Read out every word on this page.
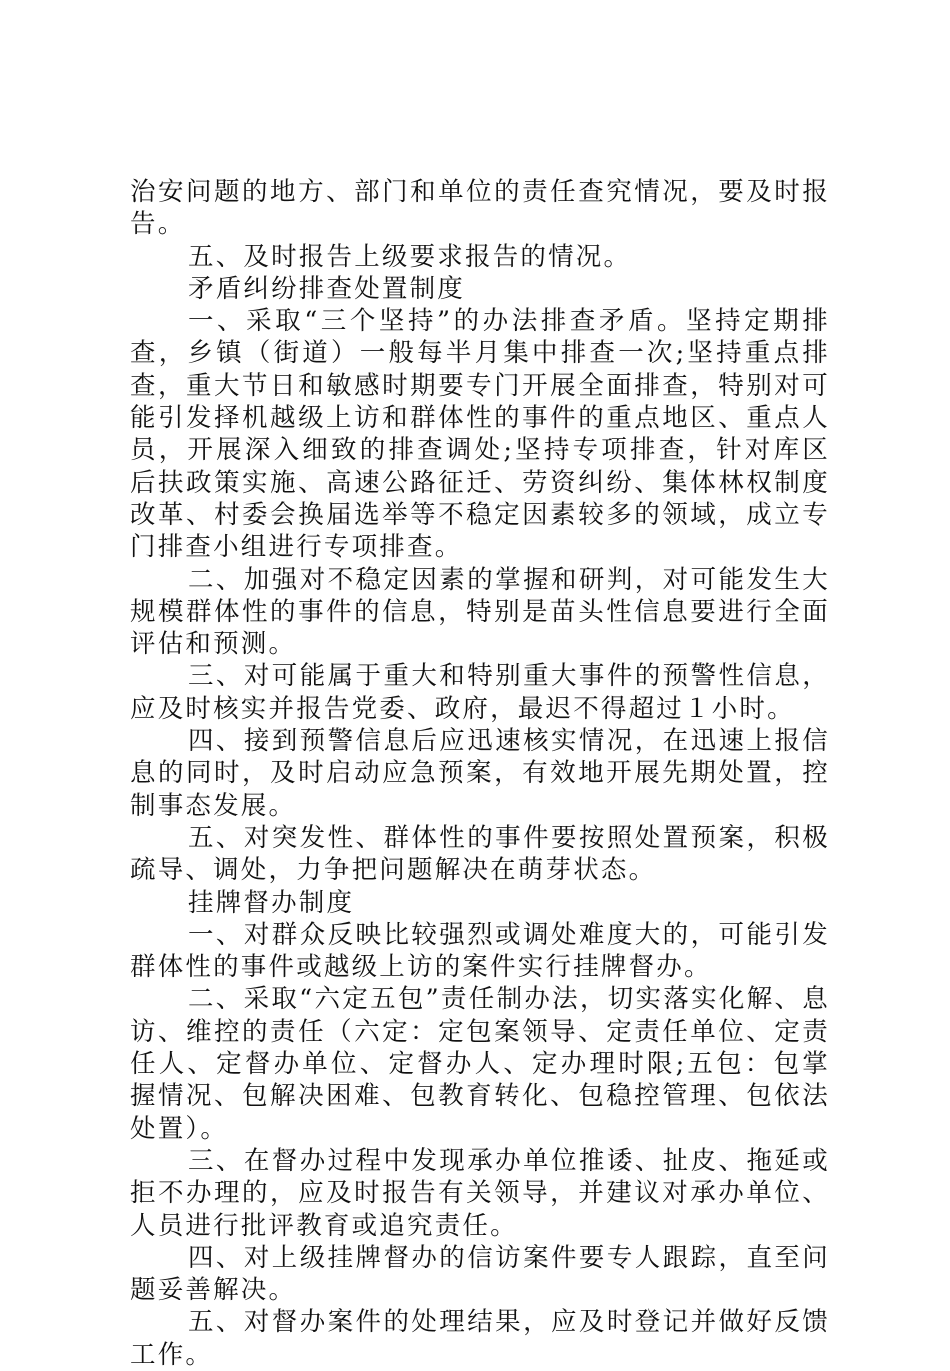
治安问题的地方、部门和单位的责任查究情况，要及时报告。

五、及时报告上级要求报告的情况。

矛盾纠纷排查处置制度

一、采取“三个坚持”的办法排查矛盾。坚持定期排查，乡镇（街道）一般每半月集中排查一次;坚持重点排查，重大节日和敏感时期要专门开展全面排查，特别对可能引发择机越级上访和群体性的事件的重点地区、重点人员，开展深入细致的排查调处;坚持专项排查，针对库区后扶政策实施、高速公路征迁、劳资纠纷、集体林权制度改革、村委会换届选举等不稳定因素较多的领域，成立专门排查小组进行专项排查。

二、加强对不稳定因素的掌握和研判，对可能发生大规模群体性的事件的信息，特别是苗头性信息要进行全面评估和预测。

三、对可能属于重大和特别重大事件的预警性信息，应及时核实并报告党委、政府，最迟不得超过１小时。

四、接到预警信息后应迅速核实情况，在迅速上报信息的同时，及时启动应急预案，有效地开展先期处置，控制事态发展。

五、对突发性、群体性的事件要按照处置预案，积极疏导、调处，力争把问题解决在萌芽状态。

挂牌督办制度

一、对群众反映比较强烈或调处难度大的，可能引发群体性的事件或越级上访的案件实行挂牌督办。

二、采取“六定五包”责任制办法，切实落实化解、息访、维控的责任（六定：定包案领导、定责任单位、定责任人、定督办单位、定督办人、定办理时限;五包：包掌握情况、包解决困难、包教育转化、包稳控管理、包依法处置）。

三、在督办过程中发现承办单位推诿、扯皮、拖延或拒不办理的，应及时报告有关领导，并建议对承办单位、人员进行批评教育或追究责任。

四、对上级挂牌督办的信访案件要专人跟踪，直至问题妥善解决。

五、对督办案件的处理结果，应及时登记并做好反馈工作。
